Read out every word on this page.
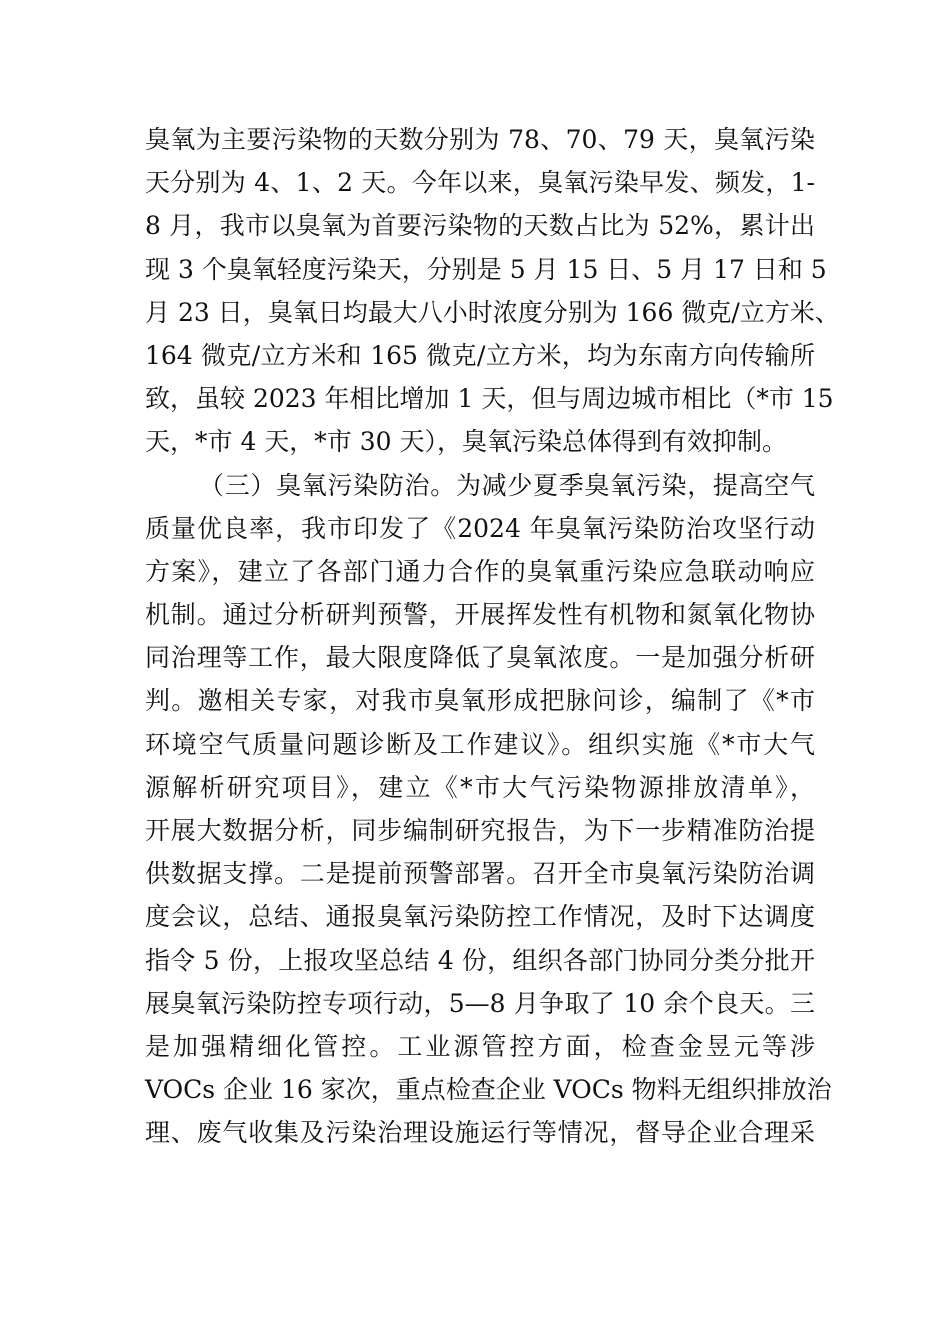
臭氧为主要污染物的天数分别为 78、70、79 天，臭氧污染
天分别为 4、1、2 天。今年以来，臭氧污染早发、频发，1-
8 月，我市以臭氧为首要污染物的天数占比为 52%，累计出
现 3 个臭氧轻度污染天，分别是 5 月 15 日、5 月 17 日和 5
月 23 日，臭氧日均最大八小时浓度分别为 166 微克/立方米、
164 微克/立方米和 165 微克/立方米，均为东南方向传输所
致，虽较 2023 年相比增加 1 天，但与周边城市相比（*市 15
天，*市 4 天，*市 30 天），臭氧污染总体得到有效抑制。
（三）臭氧污染防治。为减少夏季臭氧污染，提高空气
质量优良率，我市印发了《2024 年臭氧污染防治攻坚行动
方案》，建立了各部门通力合作的臭氧重污染应急联动响应
机制。通过分析研判预警，开展挥发性有机物和氮氧化物协
同治理等工作，最大限度降低了臭氧浓度。一是加强分析研
判。邀相关专家，对我市臭氧形成把脉问诊，编制了《*市
环境空气质量问题诊断及工作建议》。组织实施《*市大气
源解析研究项目》，建立《*市大气污染物源排放清单》，
开展大数据分析，同步编制研究报告，为下一步精准防治提
供数据支撑。二是提前预警部署。召开全市臭氧污染防治调
度会议，总结、通报臭氧污染防控工作情况，及时下达调度
指令 5 份，上报攻坚总结 4 份，组织各部门协同分类分批开
展臭氧污染防控专项行动，5—8 月争取了 10 余个良天。三
是加强精细化管控。工业源管控方面，检查金昱元等涉
VOCs 企业 16 家次，重点检查企业 VOCs 物料无组织排放治
理、废气收集及污染治理设施运行等情况，督导企业合理采
